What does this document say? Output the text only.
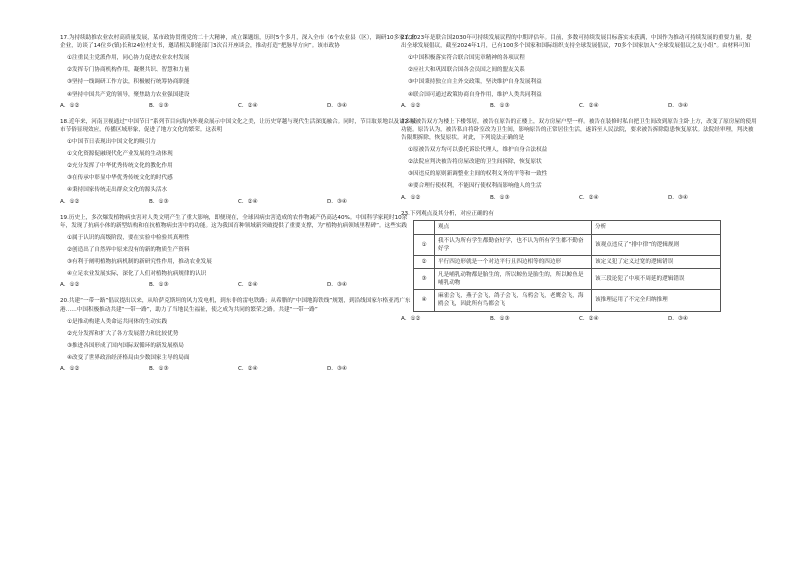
17.为持续助推农业农村高质量发展，某市政协贯彻党的二十大精神，成立课题组，历时5个多月，深入全市（6个农业县（区），调研10多家农业企业，访谈了14位乡(镇)长和24位村支书，邀请相关职能部门3次召开座谈会，推动打造“把脉导方向”。该市政协

①注重民主党派作用，同心协力促进农业农村发展

②发挥专门协商机构作用，凝聚共识、智慧和力量

③坚持一线调研工作方法，积极履行统筹协商职能

④坚持中国共产党的领导，聚焦助力农业强国建设

A．①②	B．①③	C．②④	D．③④

18.近年来，河南卫视通过“中国节日”系列节目向海内外观众展示中国文化之美，让历史穿越与现代生活深度融合。同时，节目取景地以及诸多城市节俗显现效应，传播区域形象，促进了地方文化的繁荣。这表明

①中国节日表现出中国文化的吸引力

①文化资源促融现代化产业发展的生动体现

②充分发挥了中华优秀传统文化的教化作用

③在传承中彰显中华优秀传统文化的时代感

④秉持国家传统走出群众文化的源头活水

A．①②	B．①③	C．②④	D．③④

19.历史上，多次爆发植物病虫害对人类文明产生了重大影响，即便现在，全球因病虫害造成的农作物减产仍高达40%。中国科学家耗时10余年，发现了抗病小体的新型结构和在抗植物病虫害中的功能。这为我国育种领域新突破提供了重要支撑，为“植物抗病领域里程碑”。这些实践

①属于认识的高级阶段，要在实验中检验其真理性

②创造出了自然界中原来没有的新的物质生产资料

③有利于阐明植物抗病机制的新研究性作用，推动农业发展

④立足农业发展实际，深化了人们对植物抗病规律的认识

A．①②	B．①③	C．②④	D．③④

20.共建“一带一路”倡议提出以来，从哈萨克斯坦的风力发电机，到东非的雷电铁路；从希腊的“中国地海铁线”规划，到沿线国家尔格亚湾广东港……中国积极推动共建“一带一路”，助力了当地民生福祉，使之成为共同的繁荣之路。共建“一带一路”

①是推动构建人类命运共同体的生动实践

②充分发挥和扩大了各方发展潜力和比较优势

③推进各国形成了国内国际双循环的新发展格局

④改变了世界政治经济格局由少数国家主导的局面

A．①②	B．①③	C．②④	D．③④

21.2023年是联合国2030年可持续发展议程的中期评估年。目前，多数可持续发展目标落实未获满，中国作为推动可持续发展的重要力量，提出全球发展倡议，截至2024年1月，已有100多个国家和国际组织支持全球发展倡议，70多个国家加入“全球发展倡议之友小组”。由材料可知

①中国积极落实符合联合国宪章精神的各项议程

②应社大和巩固联合国各会员国之间的盟友关系

③中国秉持独立自主外交政策，坚决维护自身发展利益

④联合国可通过政策协商自身作用，维护人类共同利益

A．①②	B．①③	C．②④	D．③④

22.原被告双方为楼上下楼邻居，被告在原告的正楼上，双方房屋户型一样。被告在装修时私自把卫生间改到原告主卧上方，改变了原房屋的使用功能。原告认为，被告私自将卧室改为卫生间，影响原告的正常居住生活，遂诉至人民法院，要求被告拆除隐患恢复原状。法院经审理，判决被告限期拆除，恢复原状。对此，下列说法正确的是

①原被告双方均可以委托诉讼代理人，维护自身合法权益

②法院应判决被告将房屋改建的卫生间拆除，恢复原状

③因违反的原则新调整业主间的权利义务的平等和一致性

④要合理行使权利，不能因行使权利而影响他人的生活

A．①②	B．①③	C．②④	D．③④

23.下列观点及其分析，对应正确的有

	观点	分析
①	我不认为所有学生都勤奋好学，也不认为所有学生都不勤奋好学	该观点违反了“排中律”的逻辑规则
②	平行四边形就是一个对边平行且四边相等的四边形	该定义犯了定义过宽的逻辑错误
③	凡是哺乳动物都是胎生的，所以鲸鱼是胎生的，所以鲸鱼是哺乳动物	该三段论犯了中项不周延的逻辑错误
④	麻雀会飞，燕子会飞，鸽子会飞，乌鸦会飞，老鹰会飞，海鸥会飞，因此所有鸟都会飞	该推理运用了不完全归纳推理
A．①②	B．①③	C．②④	D．③④
